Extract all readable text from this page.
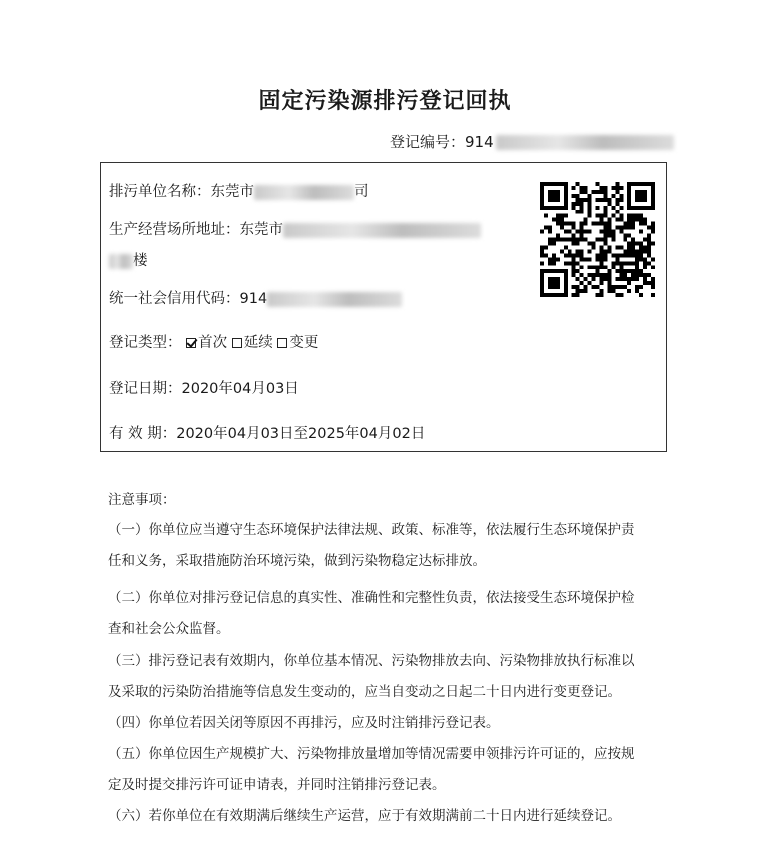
固定污染源排污登记回执
登记编号：914
排污单位名称：东莞市	司
生产经营场所地址：东莞市
楼
统一社会信用代码：914
登记类型： 首次 延续 变更
登记日期：2020年04月03日
有 效 期：2020年04月03日至2025年04月02日
注意事项：
（一）你单位应当遵守生态环境保护法律法规、政策、标准等，依法履行生态环境保护责
任和义务，采取措施防治环境污染，做到污染物稳定达标排放。
（二）你单位对排污登记信息的真实性、准确性和完整性负责，依法接受生态环境保护检
查和社会公众监督。
（三）排污登记表有效期内，你单位基本情况、污染物排放去向、污染物排放执行标准以
及采取的污染防治措施等信息发生变动的，应当自变动之日起二十日内进行变更登记。
（四）你单位若因关闭等原因不再排污，应及时注销排污登记表。
（五）你单位因生产规模扩大、污染物排放量增加等情况需要申领排污许可证的，应按规
定及时提交排污许可证申请表，并同时注销排污登记表。
（六）若你单位在有效期满后继续生产运营，应于有效期满前二十日内进行延续登记。
